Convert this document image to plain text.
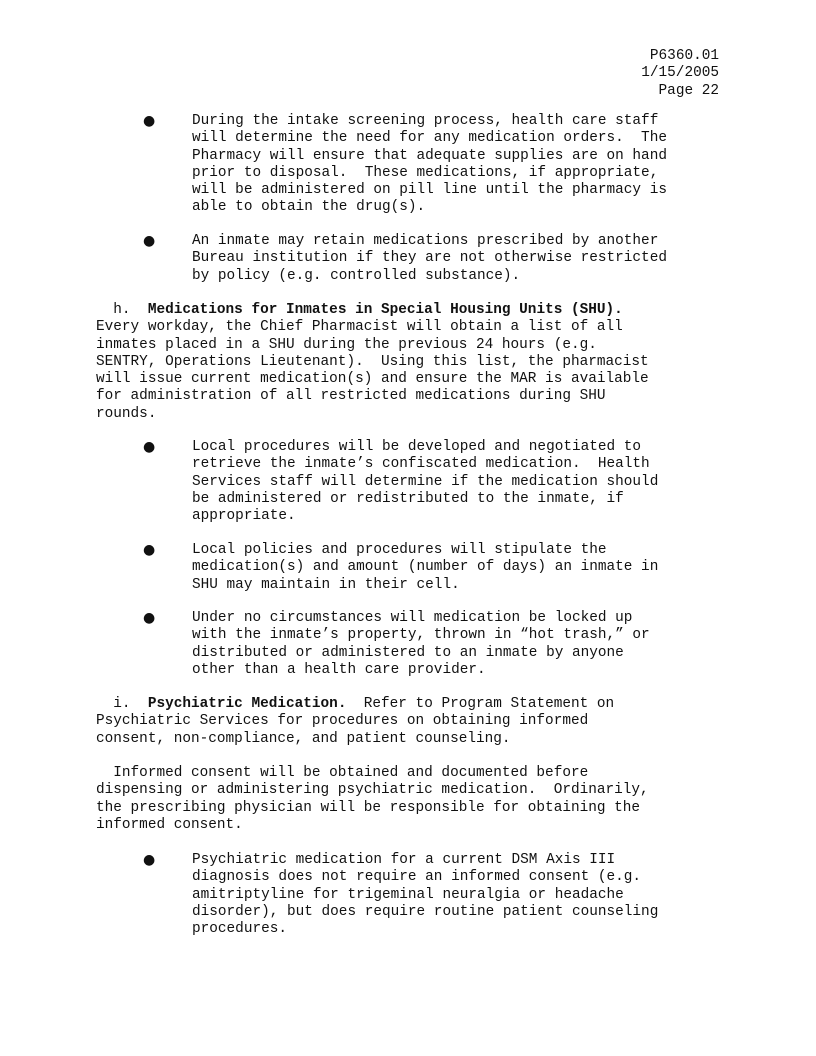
P6360.01
1/15/2005
Page 22
●	During the intake screening process, health care staff
will determine the need for any medication orders.  The
Pharmacy will ensure that adequate supplies are on hand
prior to disposal.  These medications, if appropriate,
will be administered on pill line until the pharmacy is
able to obtain the drug(s).
●	An inmate may retain medications prescribed by another
Bureau institution if they are not otherwise restricted
by policy (e.g. controlled substance).
h.  Medications for Inmates in Special Housing Units (SHU).
Every workday, the Chief Pharmacist will obtain a list of all
inmates placed in a SHU during the previous 24 hours (e.g.
SENTRY, Operations Lieutenant).  Using this list, the pharmacist
will issue current medication(s) and ensure the MAR is available
for administration of all restricted medications during SHU
rounds.
●	Local procedures will be developed and negotiated to
retrieve the inmate’s confiscated medication.  Health
Services staff will determine if the medication should
be administered or redistributed to the inmate, if
appropriate.
●	Local policies and procedures will stipulate the
medication(s) and amount (number of days) an inmate in
SHU may maintain in their cell.
●	Under no circumstances will medication be locked up
with the inmate’s property, thrown in “hot trash,” or
distributed or administered to an inmate by anyone
other than a health care provider.
i.  Psychiatric Medication.  Refer to Program Statement on
Psychiatric Services for procedures on obtaining informed
consent, non-compliance, and patient counseling.
Informed consent will be obtained and documented before
dispensing or administering psychiatric medication.  Ordinarily,
the prescribing physician will be responsible for obtaining the
informed consent.
●	Psychiatric medication for a current DSM Axis III
diagnosis does not require an informed consent (e.g.
amitriptyline for trigeminal neuralgia or headache
disorder), but does require routine patient counseling
procedures.
